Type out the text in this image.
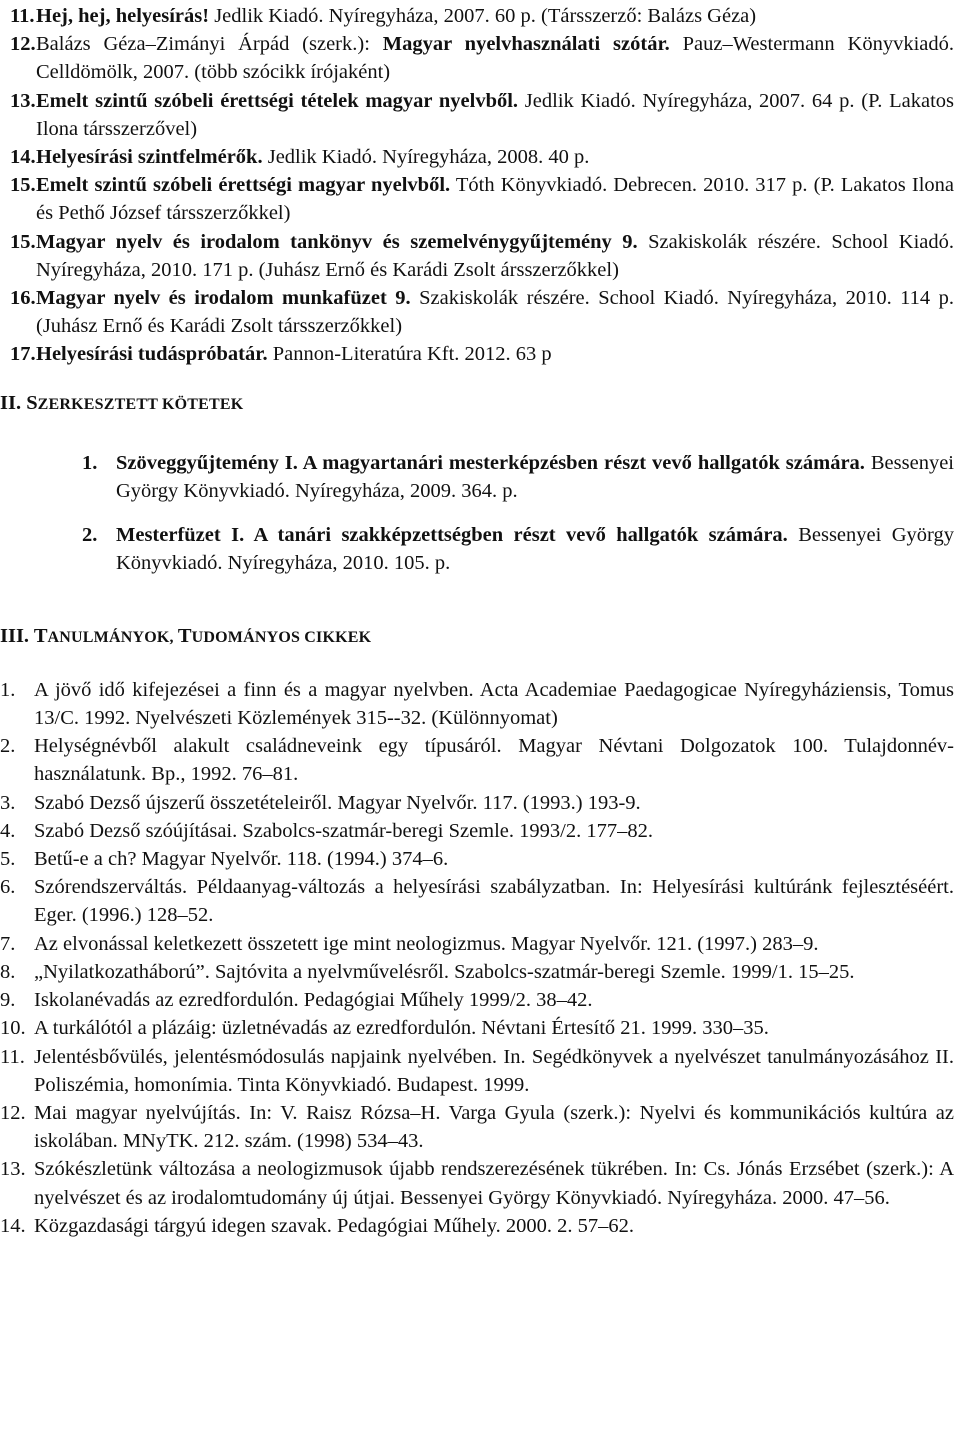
11. Hej, hej, helyesírás! Jedlik Kiadó. Nyíregyháza, 2007. 60 p. (Társszerző: Balázs Géza)

12. Balázs Géza–Zimányi Árpád (szerk.): Magyar nyelvhasználati szótár. Pauz–Westermann Könyvkiadó. Celldömölk, 2007. (több szócikk írójaként)

13. Emelt szintű szóbeli érettségi tételek magyar nyelvből. Jedlik Kiadó. Nyíregyháza, 2007. 64 p. (P. Lakatos Ilona társszerzővel)

14. Helyesírási szintfelmérők. Jedlik Kiadó. Nyíregyháza, 2008. 40 p.

15. Emelt szintű szóbeli érettségi magyar nyelvből. Tóth Könyvkiadó. Debrecen. 2010. 317 p. (P. Lakatos Ilona és Pethő József társszerzőkkel)

15. Magyar nyelv és irodalom tankönyv és szemelvénygyűjtemény 9. Szakiskolák részére. School Kiadó. Nyíregyháza, 2010. 171 p. (Juhász Ernő és Karádi Zsolt ársszerzőkkel)

16. Magyar nyelv és irodalom munkafüzet 9. Szakiskolák részére. School Kiadó. Nyíregyháza, 2010. 114 p. (Juhász Ernő és Karádi Zsolt társszerzőkkel)

17. Helyesírási tudáspróbatár. Pannon-Literatúra Kft. 2012. 63 p

II. SZERKESZTETT KÖTETEK

1. Szöveggyűjtemény I. A magyartanári mesterképzésben részt vevő hallgatók számára. Bessenyei György Könyvkiadó. Nyíregyháza, 2009. 364. p.

2. Mesterfüzet I. A tanári szakképzettségben részt vevő hallgatók számára. Bessenyei György Könyvkiadó. Nyíregyháza, 2010. 105. p.

III. TANULMÁNYOK, TUDOMÁNYOS CIKKEK

1. A jövő idő kifejezései a finn és a magyar nyelvben. Acta Academiae Paedagogicae Nyíregyháziensis, Tomus 13/C. 1992. Nyelvészeti Közlemények 315--32. (Különnyomat)

2. Helységnévből alakult családneveink egy típusáról. Magyar Névtani Dolgozatok 100. Tulajdonnév-használatunk. Bp., 1992. 76–81.

3. Szabó Dezső újszerű összetételeiről. Magyar Nyelvőr. 117. (1993.) 193-9.

4. Szabó Dezső szóújításai. Szabolcs-szatmár-beregi Szemle. 1993/2. 177–82.

5. Betű-e a ch? Magyar Nyelvőr. 118. (1994.) 374–6.

6. Szórendszerváltás. Példaanyag-változás a helyesírási szabályzatban. In: Helyesírási kultúránk fejlesztéséért. Eger. (1996.) 128–52.

7. Az elvonással keletkezett összetett ige mint neologizmus. Magyar Nyelvőr. 121. (1997.) 283–9.

8. „Nyilatkozatháború”. Sajtóvita a nyelvművelésről. Szabolcs-szatmár-beregi Szemle. 1999/1. 15–25.

9. Iskolanévadás az ezredfordulón. Pedagógiai Műhely 1999/2. 38–42.

10. A turkálótól a plázáig: üzletnévadás az ezredfordulón. Névtani Értesítő 21. 1999. 330–35.

11. Jelentésbővülés, jelentésmódosulás napjaink nyelvében. In. Segédkönyvek a nyelvészet tanulmányozásához II. Poliszémia, homonímia. Tinta Könyvkiadó. Budapest. 1999.

12. Mai magyar nyelvújítás. In: V. Raisz Rózsa–H. Varga Gyula (szerk.): Nyelvi és kommunikációs kultúra az iskolában. MNyTK. 212. szám. (1998) 534–43.

13. Szókészletünk változása a neologizmusok újabb rendszerezésének tükrében. In: Cs. Jónás Erzsébet (szerk.): A nyelvészet és az irodalomtudomány új útjai. Bessenyei György Könyvkiadó. Nyíregyháza. 2000. 47–56.

14. Közgazdasági tárgyú idegen szavak. Pedagógiai Műhely. 2000. 2. 57–62.
